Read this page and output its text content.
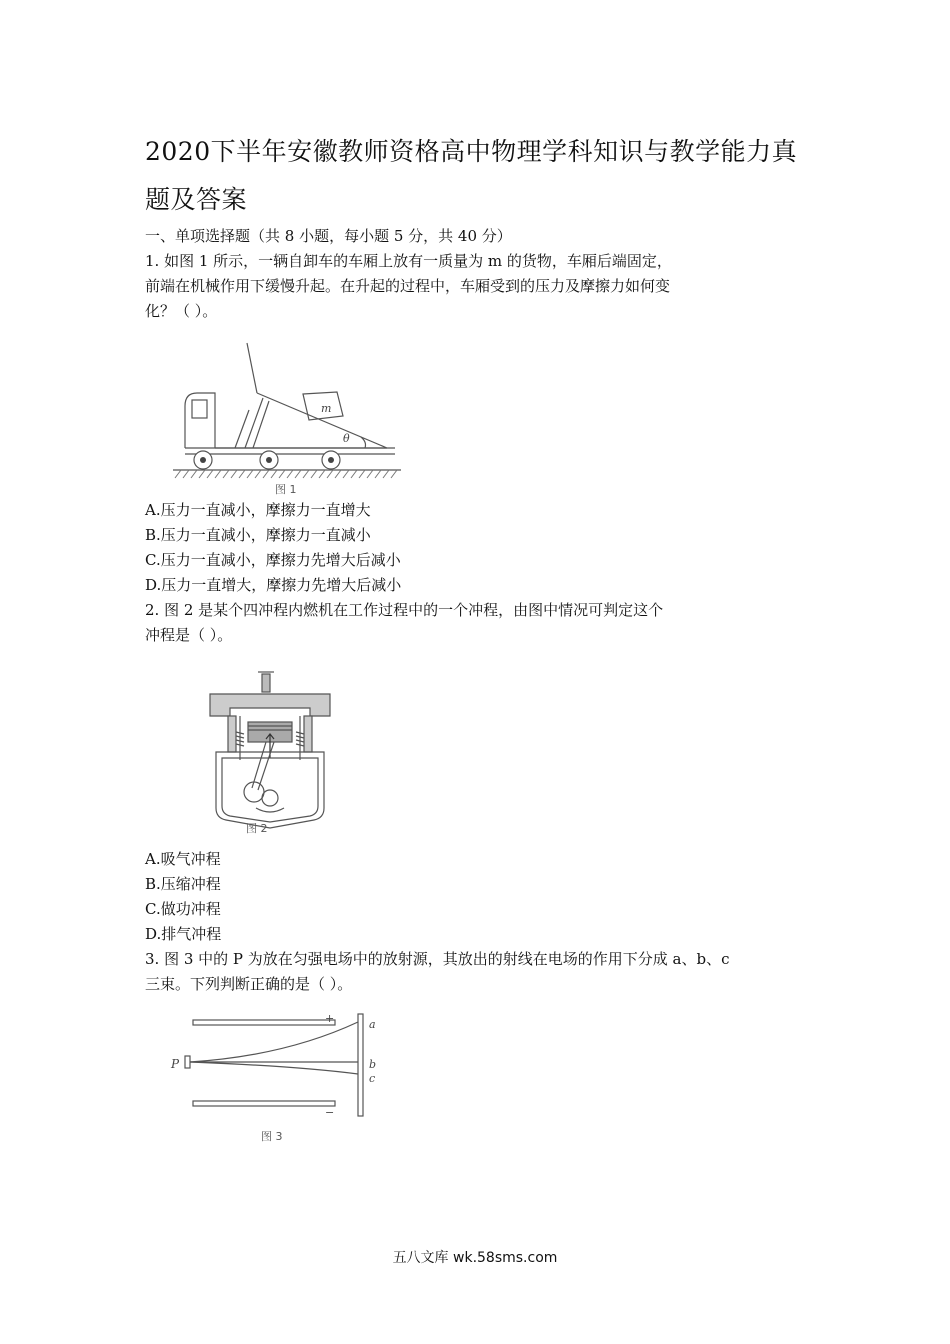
2020下半年安徽教师资格高中物理学科知识与教学能力真
题及答案
一、单项选择题（共 8 小题，每小题 5 分，共 40 分）
1. 如图 1 所示，一辆自卸车的车厢上放有一质量为 m 的货物，车厢后端固定，
前端在机械作用下缓慢升起。在升起的过程中，车厢受到的压力及摩擦力如何变
化？（ ）。
m
θ
图 1
A.压力一直减小，摩擦力一直增大
B.压力一直减小，摩擦力一直减小
C.压力一直减小，摩擦力先增大后减小
D.压力一直增大，摩擦力先增大后减小
2. 图 2 是某个四冲程内燃机在工作过程中的一个冲程，由图中情况可判定这个
冲程是（ ）。
图 2
A.吸气冲程
B.压缩冲程
C.做功冲程
D.排气冲程
3. 图 3 中的 P 为放在匀强电场中的放射源，其放出的射线在电场的作用下分成 a、b、c
三束。下列判断正确的是（ ）。
+
−
P
a
b
c
图 3
五八文库 wk.58sms.com
